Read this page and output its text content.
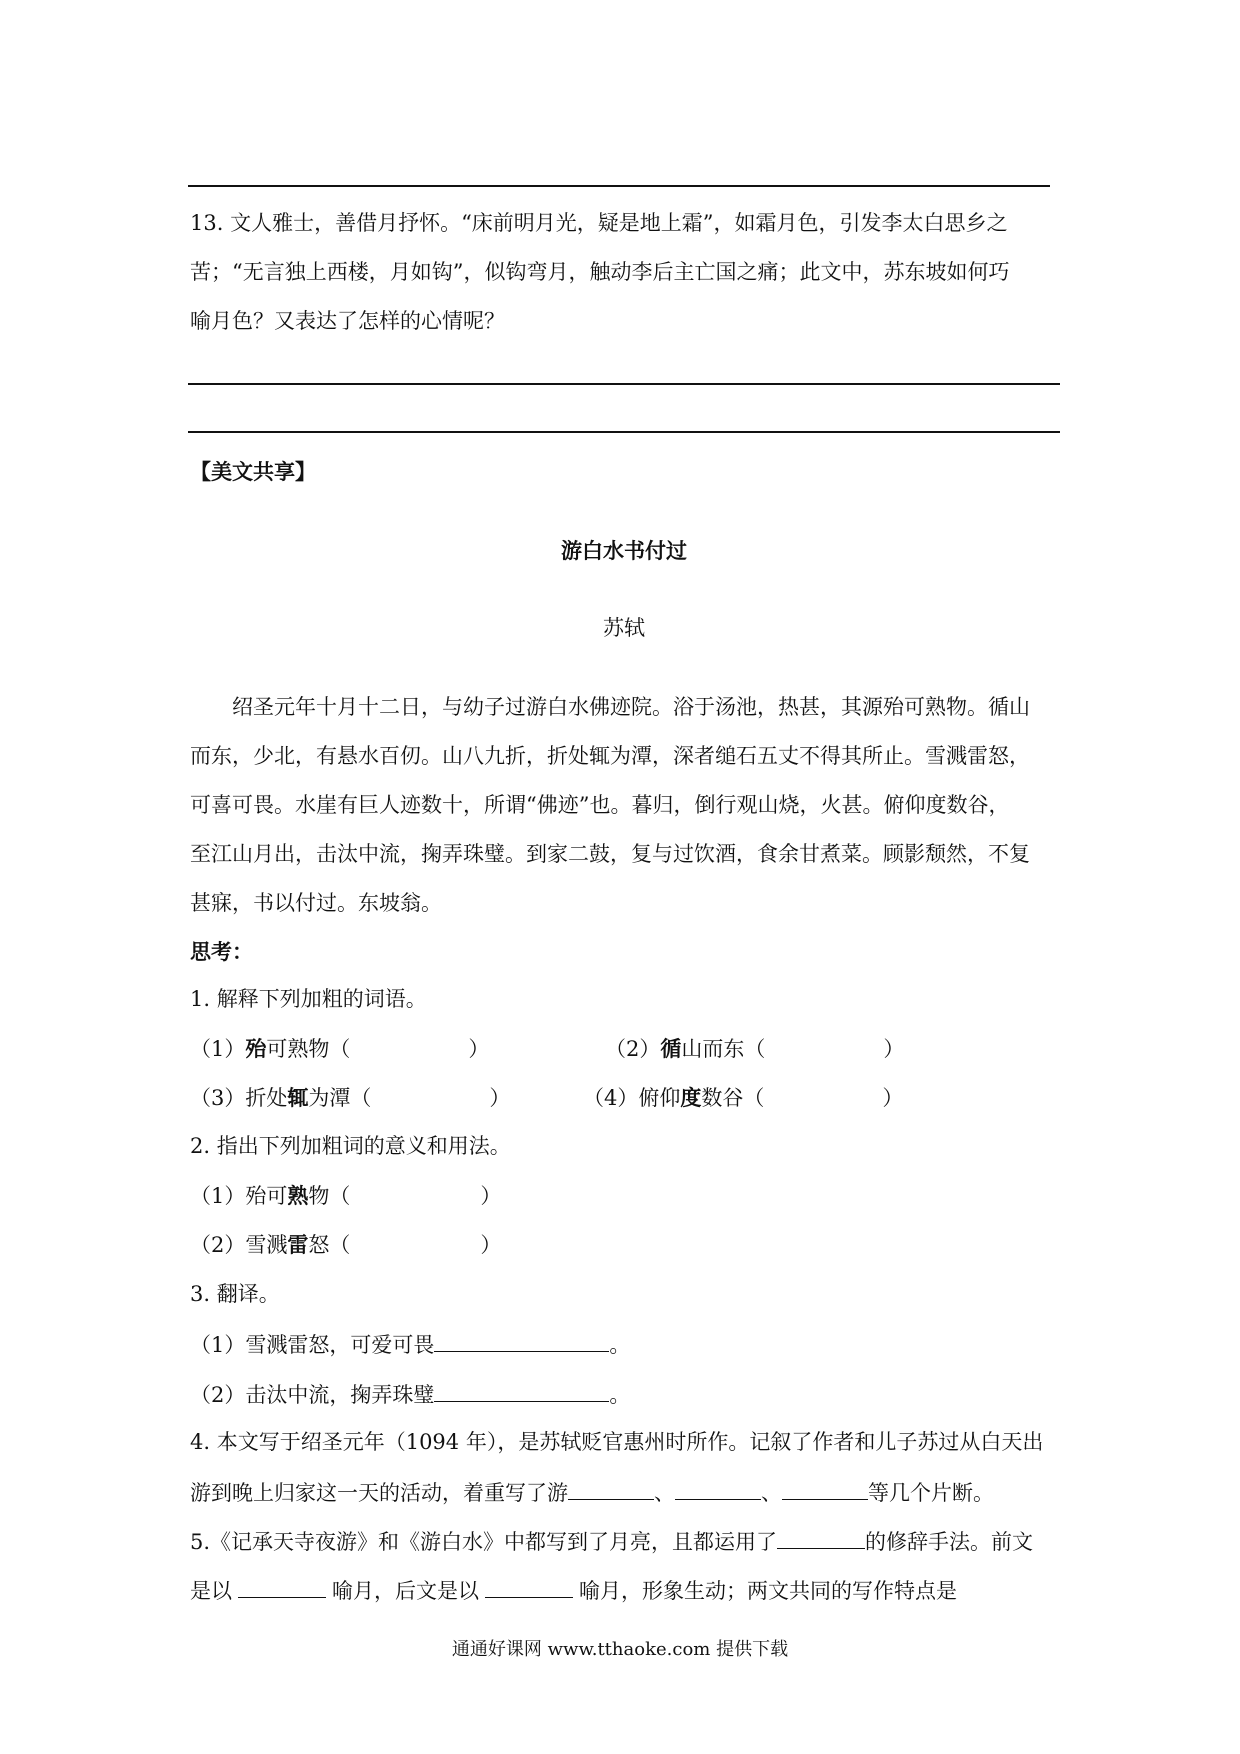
13. 文人雅士，善借月抒怀。“床前明月光，疑是地上霜”，如霜月色，引发李太白思乡之
苦；“无言独上西楼，月如钩”，似钩弯月，触动李后主亡国之痛；此文中，苏东坡如何巧
喻月色？又表达了怎样的心情呢？
【美文共享】
游白水书付过
苏轼
绍圣元年十月十二日，与幼子过游白水佛迹院。浴于汤池，热甚，其源殆可熟物。循山
而东，少北，有悬水百仞。山八九折，折处辄为潭，深者缒石五丈不得其所止。雪溅雷怒，
可喜可畏。水崖有巨人迹数十，所谓“佛迹”也。暮归，倒行观山烧，火甚。俯仰度数谷，
至江山月出，击汰中流，掬弄珠璧。到家二鼓，复与过饮酒，食余甘煮菜。顾影颓然，不复
甚寐，书以付过。东坡翁。
思考：
1. 解释下列加粗的词语。
（1）殆可熟物（	）	（2）循山而东（	）
（3）折处辄为潭（	）	（4）俯仰度数谷（	）
2. 指出下列加粗词的意义和用法。
（1）殆可熟物（	）
（2）雪溅雷怒（	）
3. 翻译。
（1）雪溅雷怒，可爱可畏	。
（2）击汰中流，掬弄珠璧	。
4. 本文写于绍圣元年（1094 年），是苏轼贬官惠州时所作。记叙了作者和儿子苏过从白天出
游到晚上归家这一天的活动，着重写了游	、	、	等几个片断。
5.《记承天寺夜游》和《游白水》中都写到了月亮，且都运用了	的修辞手法。前文
是以	喻月，后文是以	喻月，形象生动；两文共同的写作特点是
通通好课网 www.tthaoke.com 提供下载
